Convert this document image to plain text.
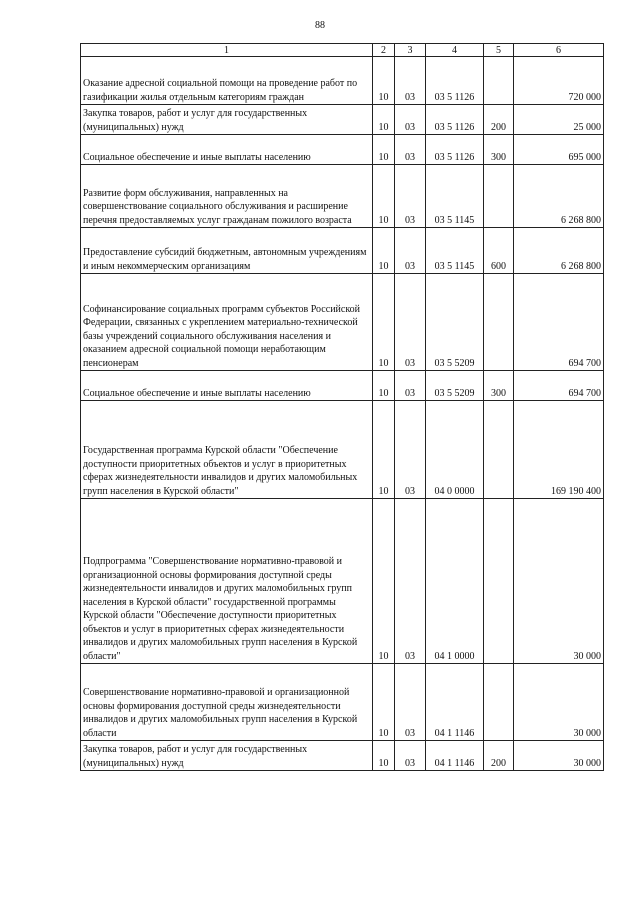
88
1	2	3	4	5	6

Оказание адресной социальной помощи на проведение работ по газификации жилья отдельным категориям граждан	10	03	03 5 1126		720 000

Закупка товаров, работ и услуг для государственных (муниципальных) нужд	10	03	03 5 1126	200	25 000

Социальное обеспечение и иные выплаты населению	10	03	03 5 1126	300	695 000

Развитие форм обслуживания, направленных на совершенствование социального обслуживания и расширение перечня предоставляемых услуг гражданам пожилого возраста	10	03	03 5 1145		6 268 800

Предоставление субсидий бюджетным, автономным учреждениям и иным некоммерческим организациям	10	03	03 5 1145	600	6 268 800

Софинансирование социальных программ субъектов Российской Федерации, связанных с укреплением материально-технической базы учреждений социального обслуживания населения и оказанием адресной социальной помощи неработающим пенсионерам	10	03	03 5 5209		694 700

Социальное обеспечение и иные выплаты населению	10	03	03 5 5209	300	694 700

Государственная программа Курской области "Обеспечение доступности приоритетных объектов и услуг в приоритетных сферах жизнедеятельности инвалидов и других маломобильных групп населения в Курской области"	10	03	04 0 0000		169 190 400

Подпрограмма "Совершенствование нормативно-правовой и организационной основы формирования доступной среды жизнедеятельности инвалидов и других маломобильных групп населения в Курской области" государственной программы Курской области "Обеспечение доступности приоритетных объектов и услуг в приоритетных сферах жизнедеятельности инвалидов и других маломобильных групп населения в Курской области"	10	03	04 1 0000		30 000

Совершенствование нормативно-правовой и организационной основы формирования доступной среды жизнедеятельности инвалидов и других маломобильных групп населения в Курской области	10	03	04 1 1146		30 000

Закупка товаров, работ и услуг для государственных (муниципальных) нужд	10	03	04 1 1146	200	30 000
